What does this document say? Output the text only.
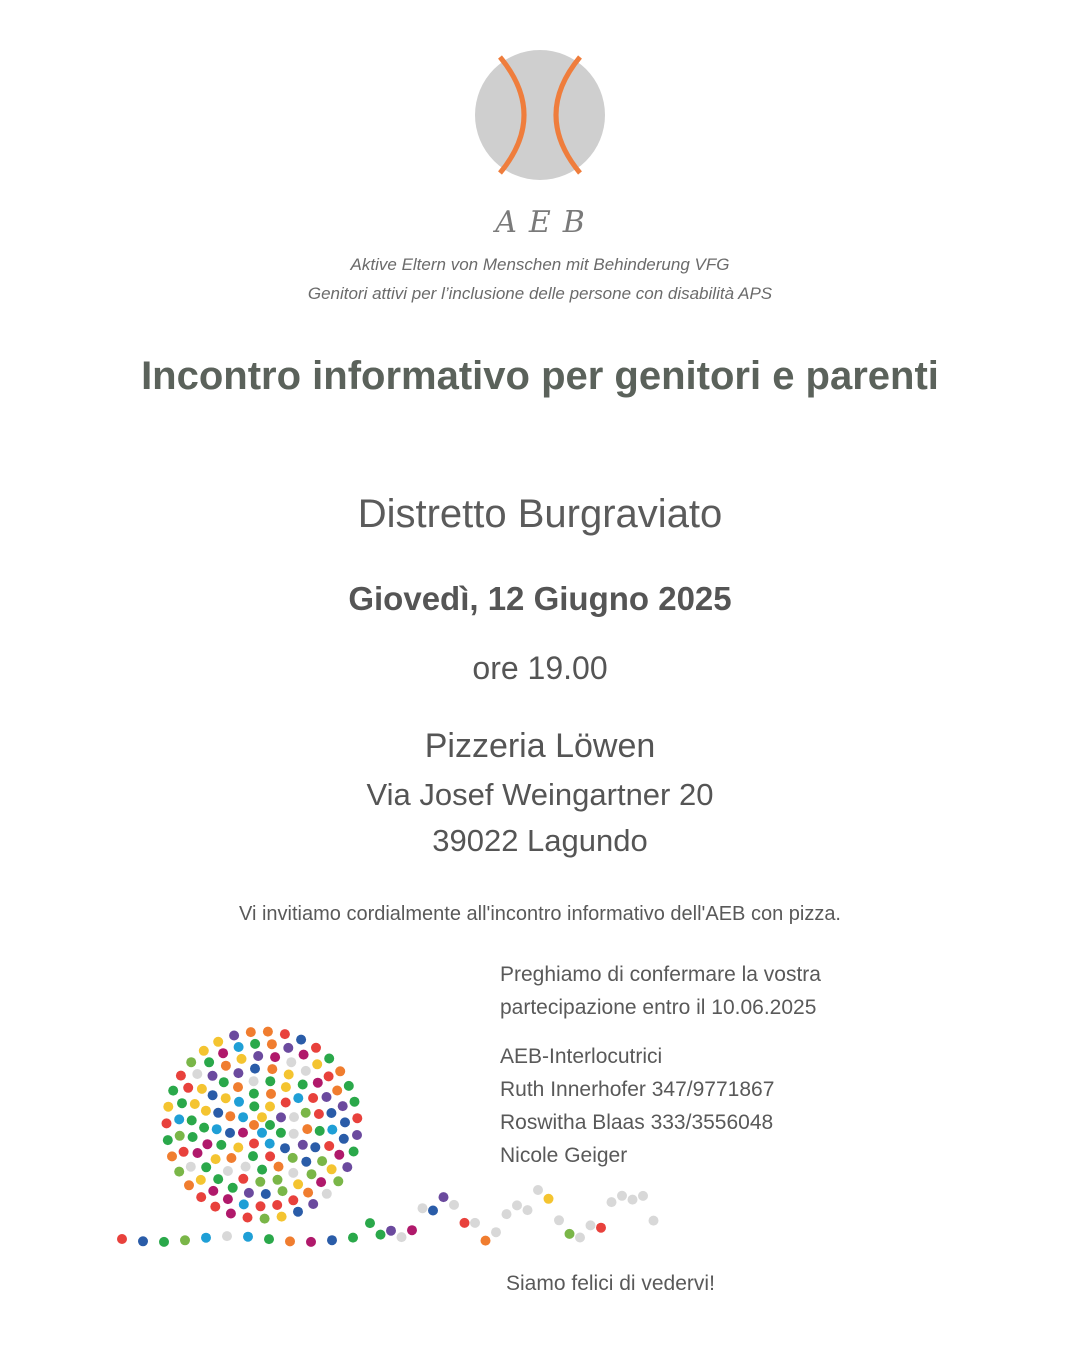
AEB
Aktive Eltern von Menschen mit Behinderung VFG
Genitori attivi per l’inclusione delle persone con disabilità APS
Incontro informativo per genitori e parenti
Distretto Burgraviato
Giovedì, 12 Giugno 2025
ore 19.00
Pizzeria Löwen
Via Josef Weingartner 20
39022 Lagundo
Vi invitiamo cordialmente all'incontro informativo dell'AEB con pizza.
Preghiamo di confermare la vostra
partecipazione entro il 10.06.2025
AEB-Interlocutrici
Ruth Innerhofer 347/9771867
Roswitha Blaas 333/3556048
Nicole Geiger
Siamo felici di vedervi!
